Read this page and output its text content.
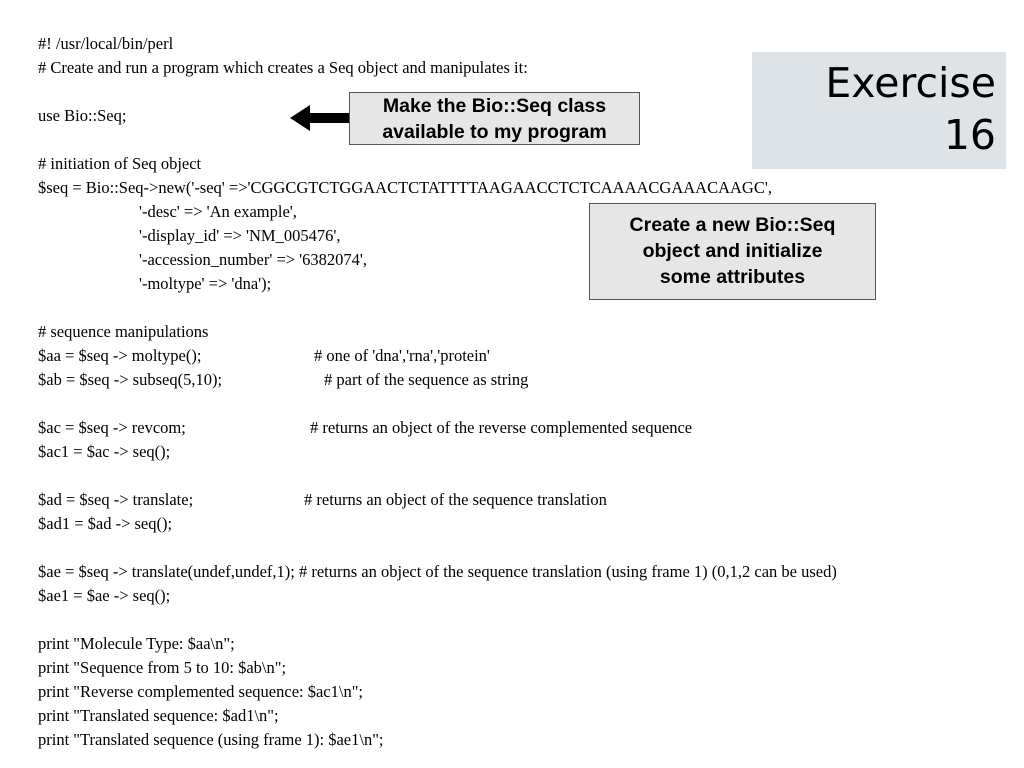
Exercise
16
#! /usr/local/bin/perl
# Create and run a program which creates a Seq object and manipulates it:
use Bio::Seq;	Make the Bio::Seq class
available to my program
# initiation of Seq object
$seq = Bio::Seq->new('-seq' =>'CGGCGTCTGGAACTCTATTTTAAGAACCTCTCAAAACGAAACAAGC',
'-desc' => 'An example',
'-display_id' => 'NM_005476',
'-accession_number' => '6382074',
'-moltype' => 'dna');
Create a new Bio::Seq
object and initialize
some attributes
# sequence manipulations
$aa = $seq -> moltype();	# one of 'dna','rna','protein'
$ab = $seq -> subseq(5,10);	# part of the sequence as string
$ac = $seq -> revcom;	# returns an object of the reverse complemented sequence
$ac1 = $ac -> seq();
$ad = $seq -> translate;	# returns an object of the sequence translation
$ad1 = $ad -> seq();
$ae = $seq -> translate(undef,undef,1); # returns an object of the sequence translation (using frame 1) (0,1,2 can be used)
$ae1 = $ae -> seq();
print "Molecule Type: $aa\n";
print "Sequence from 5 to 10: $ab\n";
print "Reverse complemented sequence: $ac1\n";
print "Translated sequence: $ad1\n";
print "Translated sequence (using frame 1): $ae1\n";
